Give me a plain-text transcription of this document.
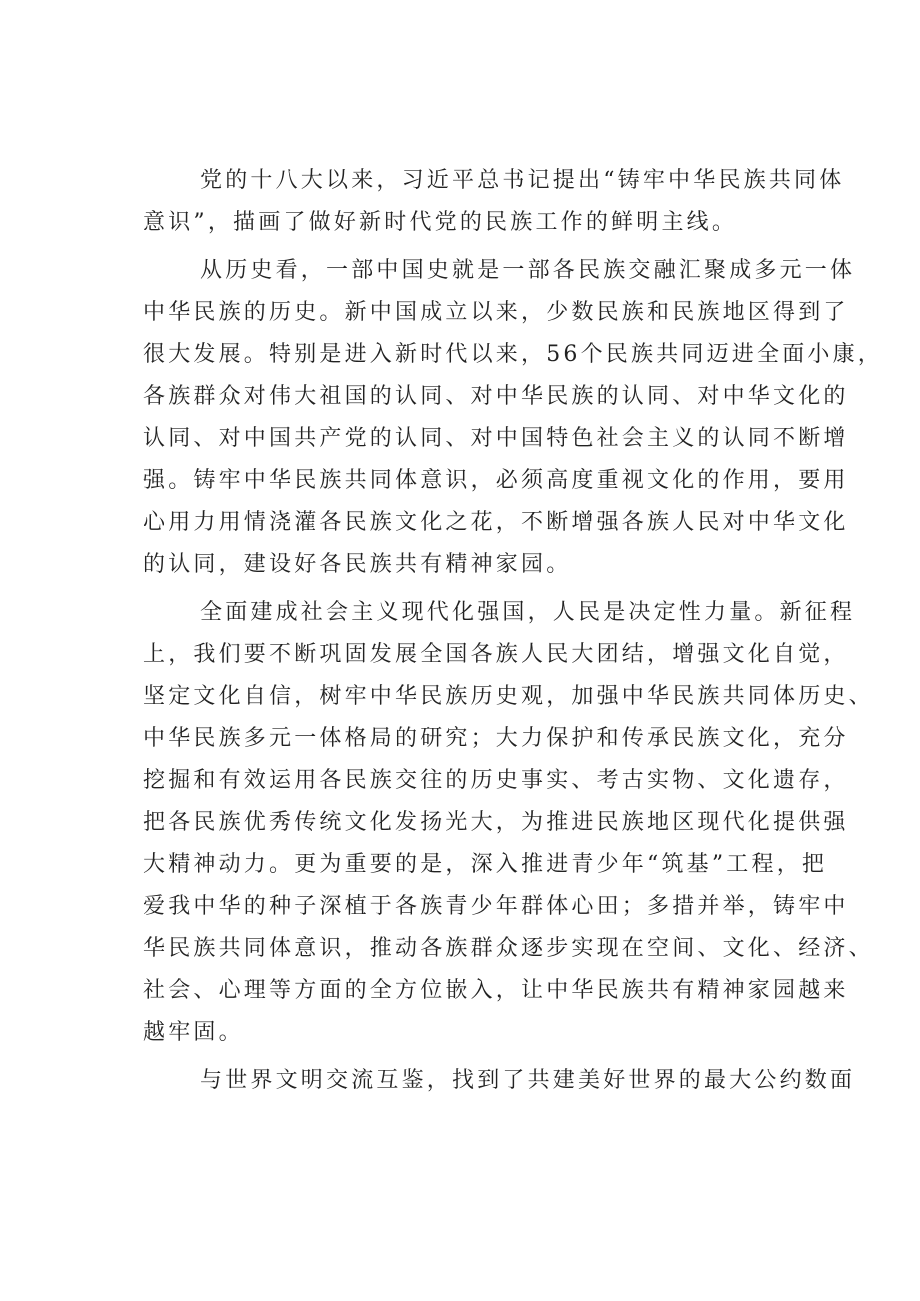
党的十八大以来，习近平总书记提出“铸牢中华民族共同体
意识”，描画了做好新时代党的民族工作的鲜明主线。
从历史看，一部中国史就是一部各民族交融汇聚成多元一体
中华民族的历史。新中国成立以来，少数民族和民族地区得到了
很大发展。特别是进入新时代以来，56个民族共同迈进全面小康，
各族群众对伟大祖国的认同、对中华民族的认同、对中华文化的
认同、对中国共产党的认同、对中国特色社会主义的认同不断增
强。铸牢中华民族共同体意识，必须高度重视文化的作用，要用
心用力用情浇灌各民族文化之花，不断增强各族人民对中华文化
的认同，建设好各民族共有精神家园。
全面建成社会主义现代化强国，人民是决定性力量。新征程
上，我们要不断巩固发展全国各族人民大团结，增强文化自觉，
坚定文化自信，树牢中华民族历史观，加强中华民族共同体历史、
中华民族多元一体格局的研究；大力保护和传承民族文化，充分
挖掘和有效运用各民族交往的历史事实、考古实物、文化遗存，
把各民族优秀传统文化发扬光大，为推进民族地区现代化提供强
大精神动力。更为重要的是，深入推进青少年“筑基”工程，把
爱我中华的种子深植于各族青少年群体心田；多措并举，铸牢中
华民族共同体意识，推动各族群众逐步实现在空间、文化、经济、
社会、心理等方面的全方位嵌入，让中华民族共有精神家园越来
越牢固。
与世界文明交流互鉴，找到了共建美好世界的最大公约数面
